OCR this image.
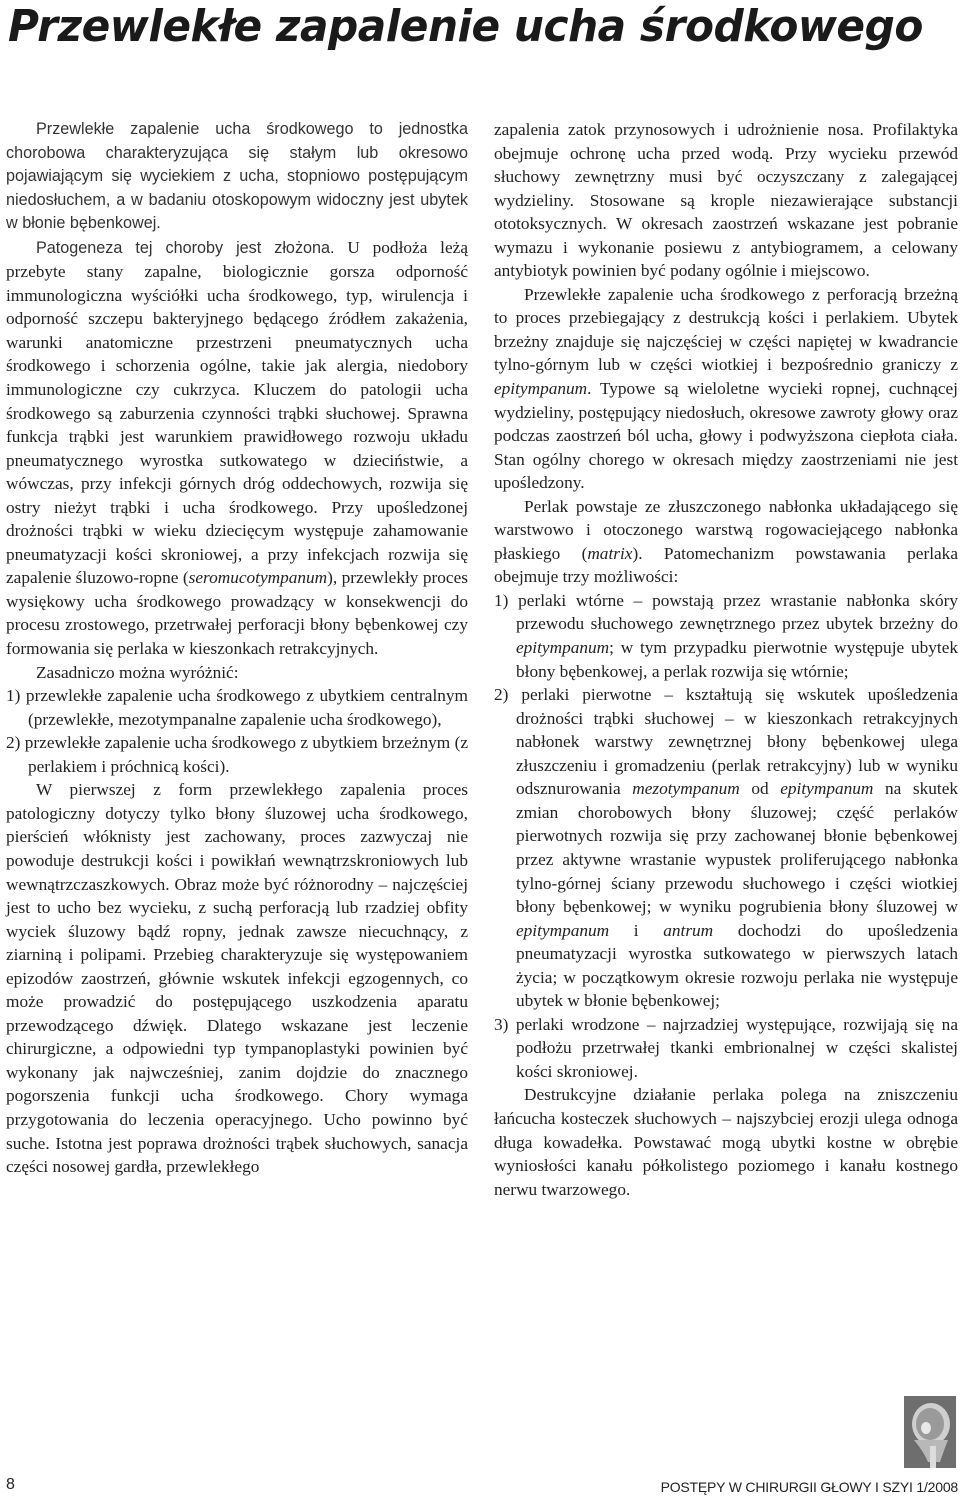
Przewlekłe zapalenie ucha środkowego

Przewlekłe zapalenie ucha środkowego to jednostka chorobowa charakteryzująca się stałym lub okresowo pojawiającym się wyciekiem z ucha, stopniowo postępującym niedosłuchem, a w badaniu otoskopowym widoczny jest ubytek w błonie bębenkowej.

Patogeneza tej choroby jest złożona. U podłoża leżą przebyte stany zapalne, biologicznie gorsza odporność immunologiczna wyściółki ucha środkowego, typ, wirulencja i odporność szczepu bakteryjnego będącego źródłem zakażenia, warunki anatomiczne przestrzeni pneumatycznych ucha środkowego i schorzenia ogólne, takie jak alergia, niedobory immunologiczne czy cukrzyca. Kluczem do patologii ucha środkowego są zaburzenia czynności trąbki słuchowej. Sprawna funkcja trąbki jest warunkiem prawidłowego rozwoju układu pneumatycznego wyrostka sutkowatego w dzieciństwie, a wówczas, przy infekcji górnych dróg oddechowych, rozwija się ostry nieżyt trąbki i ucha środkowego. Przy upośledzonej drożności trąbki w wieku dziecięcym występuje zahamowanie pneumatyzacji kości skroniowej, a przy infekcjach rozwija się zapalenie śluzowo-ropne (seromucotympanum), przewlekły proces wysiękowy ucha środkowego prowadzący w konsekwencji do procesu zrostowego, przetrwałej perforacji błony bębenkowej czy formowania się perlaka w kieszonkach retrakcyjnych.

Zasadniczo można wyróżnić:

1) przewlekłe zapalenie ucha środkowego z ubytkiem centralnym (przewlekłe, mezotympanalne zapalenie ucha środkowego),
2) przewlekłe zapalenie ucha środkowego z ubytkiem brzeżnym (z perlakiem i próchnicą kości).

W pierwszej z form przewlekłego zapalenia proces patologiczny dotyczy tylko błony śluzowej ucha środkowego, pierścień włóknisty jest zachowany, proces zazwyczaj nie powoduje destrukcji kości i powikłań wewnątrzskroniowych lub wewnątrzczaszkowych. Obraz może być różnorodny – najczęściej jest to ucho bez wycieku, z suchą perforacją lub rzadziej obfity wyciek śluzowy bądź ropny, jednak zawsze niecuchnący, z ziarniną i polipami. Przebieg charakteryzuje się występowaniem epizodów zaostrzeń, głównie wskutek infekcji egzogennych, co może prowadzić do postępującego uszkodzenia aparatu przewodzącego dźwięk. Dlatego wskazane jest leczenie chirurgiczne, a odpowiedni typ tympanoplastyki powinien być wykonany jak najwcześniej, zanim dojdzie do znacznego pogorszenia funkcji ucha środkowego. Chory wymaga przygotowania do leczenia operacyjnego. Ucho powinno być suche. Istotna jest poprawa drożności trąbek słuchowych, sanacja części nosowej gardła, przewlekłego

zapalenia zatok przynosowych i udrożnienie nosa. Profilaktyka obejmuje ochronę ucha przed wodą. Przy wycieku przewód słuchowy zewnętrzny musi być oczyszczany z zalegającej wydzieliny. Stosowane są krople niezawierające substancji ototoksycznych. W okresach zaostrzeń wskazane jest pobranie wymazu i wykonanie posiewu z antybiogramem, a celowany antybiotyk powinien być podany ogólnie i miejscowo.

Przewlekłe zapalenie ucha środkowego z perforacją brzeżną to proces przebiegający z destrukcją kości i perlakiem. Ubytek brzeżny znajduje się najczęściej w części napiętej w kwadrancie tylno-górnym lub w części wiotkiej i bezpośrednio graniczy z epitympanum. Typowe są wieloletne wycieki ropnej, cuchnącej wydzieliny, postępujący niedosłuch, okresowe zawroty głowy oraz podczas zaostrzeń ból ucha, głowy i podwyższona ciepłota ciała. Stan ogólny chorego w okresach między zaostrzeniami nie jest upośledzony.

Perlak powstaje ze złuszczonego nabłonka układającego się warstwowo i otoczonego warstwą rogowaciejącego nabłonka płaskiego (matrix). Patomechanizm powstawania perlaka obejmuje trzy możliwości:

1) perlaki wtórne – powstają przez wrastanie nabłonka skóry przewodu słuchowego zewnętrznego przez ubytek brzeżny do epitympanum; w tym przypadku pierwotnie występuje ubytek błony bębenkowej, a perlak rozwija się wtórnie;
2) perlaki pierwotne – kształtują się wskutek upośledzenia drożności trąbki słuchowej – w kieszonkach retrakcyjnych nabłonek warstwy zewnętrznej błony bębenkowej ulega złuszczeniu i gromadzeniu (perlak retrakcyjny) lub w wyniku odsznurowania mezotympanum od epitympanum na skutek zmian chorobowych błony śluzowej; część perlaków pierwotnych rozwija się przy zachowanej błonie bębenkowej przez aktywne wrastanie wypustek proliferującego nabłonka tylno-górnej ściany przewodu słuchowego i części wiotkiej błony bębenkowej; w wyniku pogrubienia błony śluzowej w epitympanum i antrum dochodzi do upośledzenia pneumatyzacji wyrostka sutkowatego w pierwszych latach życia; w początkowym okresie rozwoju perlaka nie występuje ubytek w błonie bębenkowej;
3) perlaki wrodzone – najrzadziej występujące, rozwijają się na podłożu przetrwałej tkanki embrionalnej w części skalistej kości skroniowej.

Destrukcyjne działanie perlaka polega na zniszczeniu łańcucha kosteczek słuchowych – najszybciej erozji ulega odnoga długa kowadełka. Powstawać mogą ubytki kostne w obrębie wyniosłości kanału półkolistego poziomego i kanału kostnego nerwu twarzowego.

8	POSTĘPY W CHIRURGII GŁOWY I SZYI 1/2008
